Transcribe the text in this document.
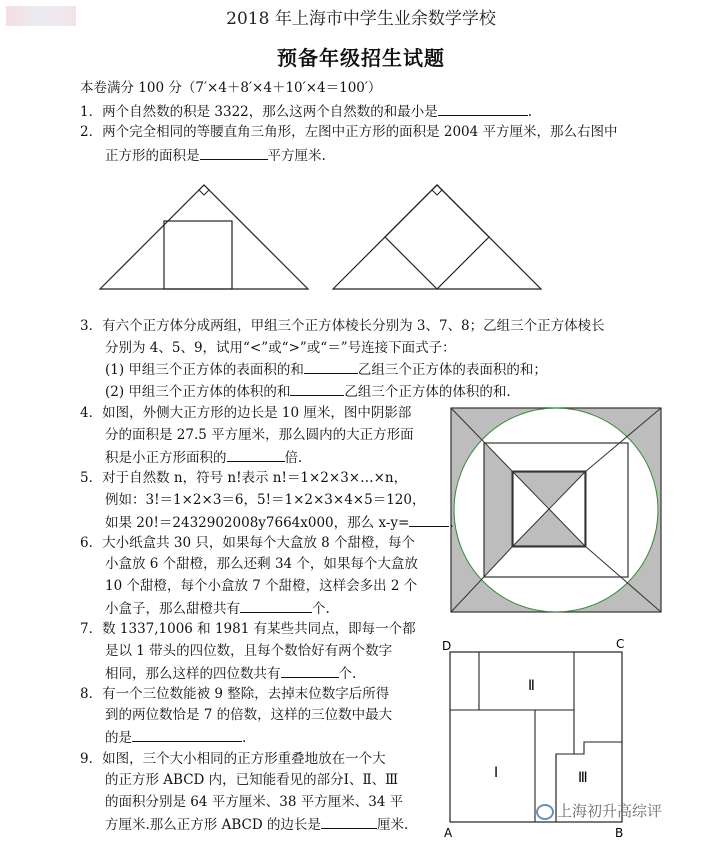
2018 年上海市中学生业余数学学校
预备年级招生试题
本卷满分 100 分（7′×4＋8′×4＋10′×4＝100′）
1．两个自然数的积是 3322，那么这两个自然数的和最小是	.
2．两个完全相同的等腰直角三角形，左图中正方形的面积是 2004 平方厘米，那么右图中
正方形的面积是	平方厘米.
3．有六个正方体分成两组，甲组三个正方体棱长分别为 3、7、8；乙组三个正方体棱长
分别为 4、5、9，试用“<”或“>”或“＝”号连接下面式子：
(1) 甲组三个正方体的表面积的和	乙组三个正方体的表面积的和；
(2) 甲组三个正方体的体积的和	乙组三个正方体的体积的和.
4．如图，外侧大正方形的边长是 10 厘米，图中阴影部
分的面积是 27.5 平方厘米，那么圆内的大正方形面
积是小正方形面积的	倍.
5．对于自然数 n，符号 n!表示 n!＝1×2×3×…×n，
例如：3!＝1×2×3＝6，5!＝1×2×3×4×5＝120，
如果 20!＝2432902008y7664x000，那么 x-y=	.
6．大小纸盒共 30 只，如果每个大盒放 8 个甜橙，每个
小盒放 6 个甜橙，那么还剩 34 个，如果每个大盒放
10 个甜橙，每个小盒放 7 个甜橙，这样会多出 2 个
小盒子，那么甜橙共有	个.
7．数 1337,1006 和 1981 有某些共同点，即每一个都
是以 1 带头的四位数，且每个数恰好有两个数字
相同，那么这样的四位数共有	个.
8．有一个三位数能被 9 整除，去掉末位数字后所得
到的两位数恰是 7 的倍数，这样的三位数中最大
的是	.
9．如图，三个大小相同的正方形重叠地放在一个大
的正方形 ABCD 内，已知能看见的部分Ⅰ、Ⅱ、Ⅲ
的面积分别是 64 平方厘米、38 平方厘米、34 平
方厘米.那么正方形 ABCD 的边长是	厘米.
D	C
A	B
Ⅱ
Ⅰ	Ⅲ
上海初升高综评
